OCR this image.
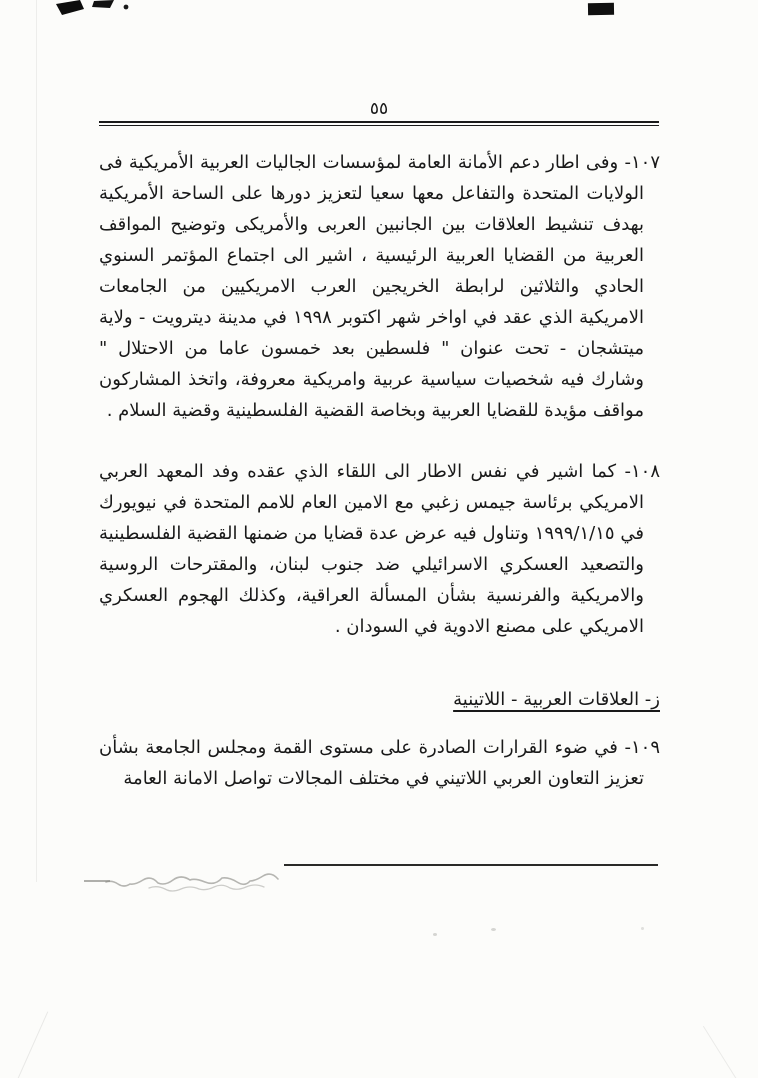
٥٥

١٠٧- وفى اطار دعم الأمانة العامة لمؤسسات الجاليات العربية الأمريكية فى الولايات المتحدة والتفاعل معها سعيا لتعزيز دورها على الساحة الأمريكية بهدف تنشيط العلاقات بين الجانبين العربى والأمريكى وتوضيح المواقف العربية من القضايا العربية الرئيسية ، اشير الى اجتماع المؤتمر السنوي الحادي والثلاثين لرابطة الخريجين العرب الامريكيين من الجامعات الامريكية الذي عقد في اواخر شهر اكتوبر ١٩٩٨ في مدينة ديترويت - ولاية ميتشجان - تحت عنوان " فلسطين بعد خمسون عاما من الاحتلال " وشارك فيه شخصيات سياسية عربية وامريكية معروفة، واتخذ المشاركون مواقف مؤيدة للقضايا العربية وبخاصة القضية الفلسطينية وقضية السلام .

١٠٨- كما اشير في نفس الاطار الى اللقاء الذي عقده وفد المعهد العربي الامريكي برئاسة جيمس زغبي مع الامين العام للامم المتحدة في نيويورك في ١٩٩٩/١/١٥ وتناول فيه عرض عدة قضايا من ضمنها القضية الفلسطينية والتصعيد العسكري الاسرائيلي ضد جنوب لبنان، والمقترحات الروسية والامريكية والفرنسية بشأن المسألة العراقية، وكذلك الهجوم العسكري الامريكي على مصنع الادوية في السودان .

ز- العلاقات العربية - اللاتينية

١٠٩- في ضوء القرارات الصادرة على مستوى القمة ومجلس الجامعة بشأن تعزيز التعاون العربي اللاتيني في مختلف المجالات تواصل الامانة العامة
